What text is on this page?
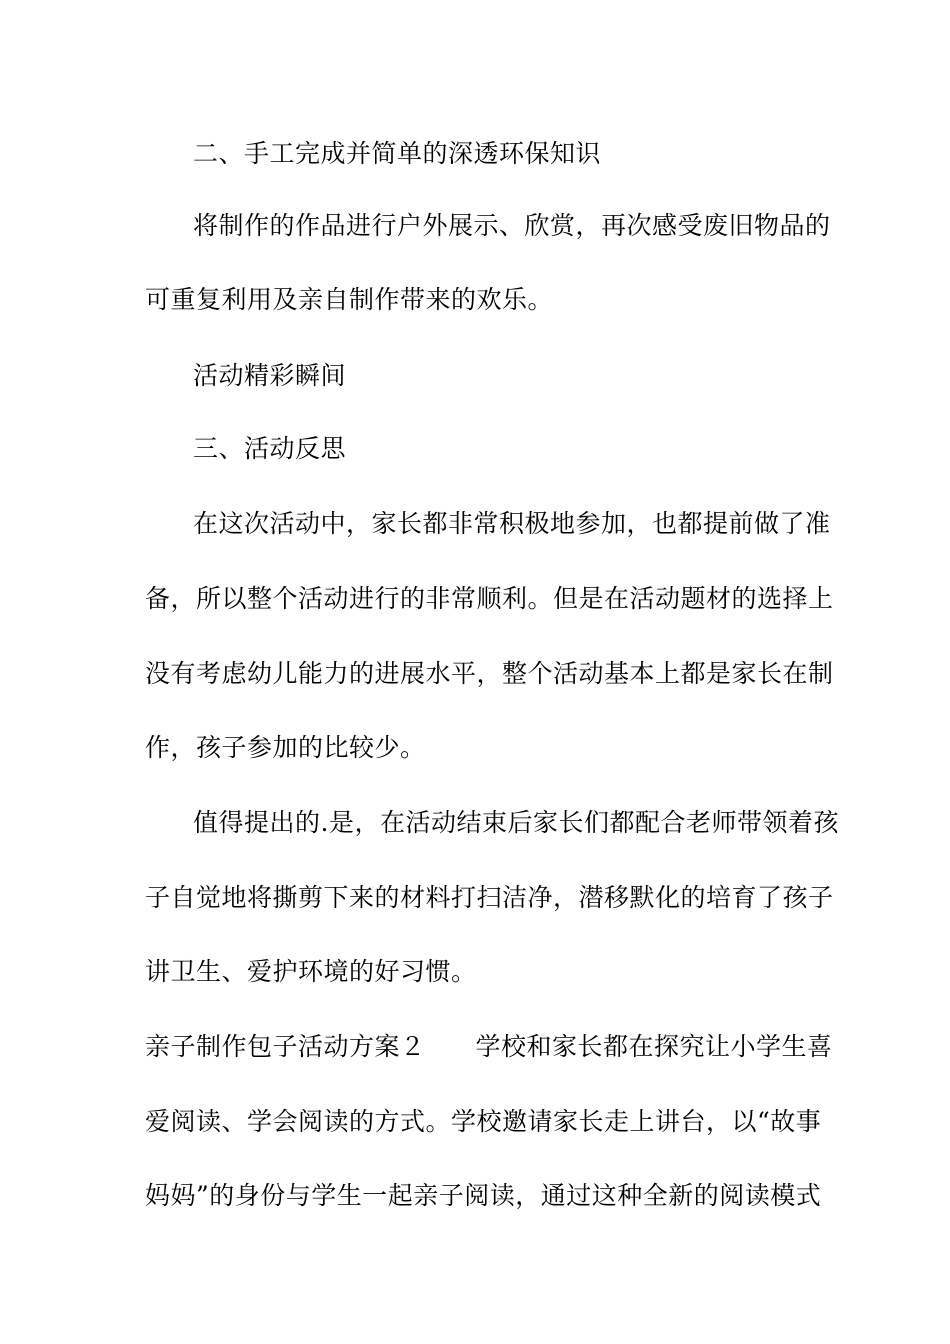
二、手工完成并简单的深透环保知识
将制作的作品进行户外展示、欣赏，再次感受废旧物品的
可重复利用及亲自制作带来的欢乐。
活动精彩瞬间
三、活动反思
在这次活动中，家长都非常积极地参加，也都提前做了准
备，所以整个活动进行的非常顺利。但是在活动题材的选择上
没有考虑幼儿能力的进展水平，整个活动基本上都是家长在制
作，孩子参加的比较少。
值得提出的.是，在活动结束后家长们都配合老师带领着孩
子自觉地将撕剪下来的材料打扫洁净，潜移默化的培育了孩子
讲卫生、爱护环境的好习惯。
亲子制作包子活动方案２ 学校和家长都在探究让小学生喜
爱阅读、学会阅读的方式。学校邀请家长走上讲台，以“故事
妈妈”的身份与学生一起亲子阅读，通过这种全新的阅读模式
